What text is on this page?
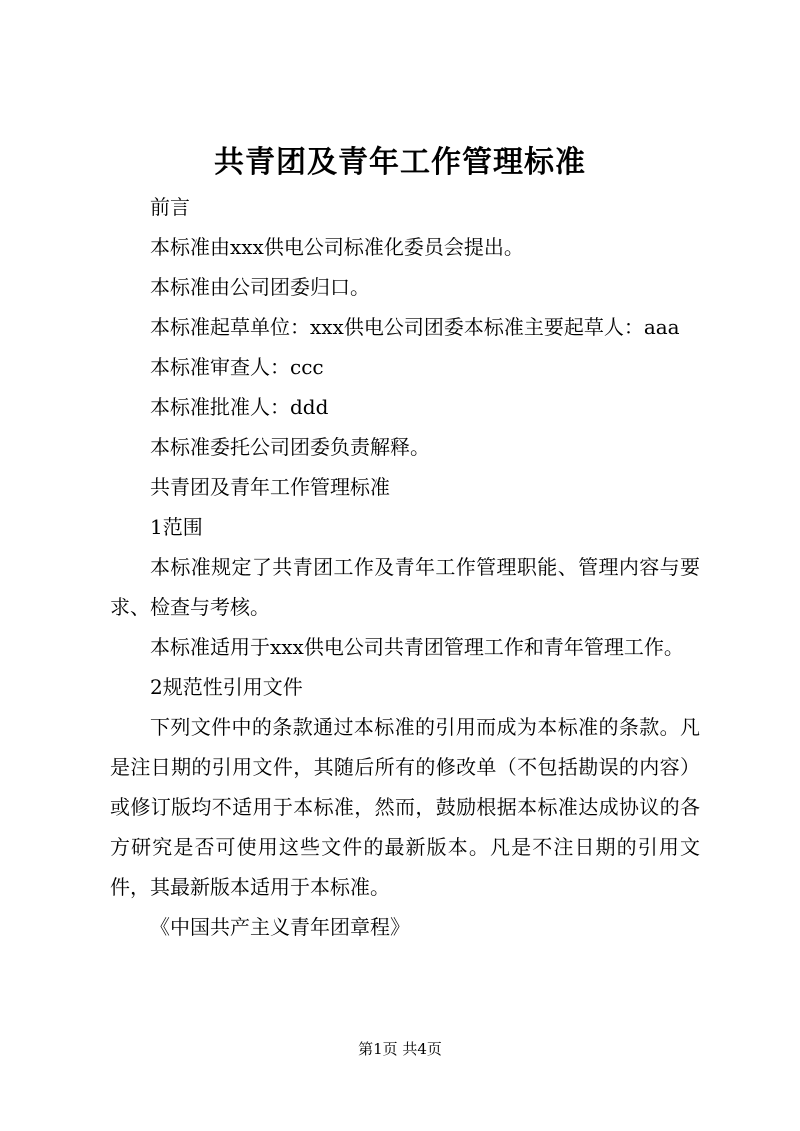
共青团及青年工作管理标准

前言

本标准由xxx供电公司标准化委员会提出。

本标准由公司团委归口。

本标准起草单位：xxx供电公司团委本标准主要起草人：aaa

本标准审查人：ccc

本标准批准人：ddd

本标准委托公司团委负责解释。

共青团及青年工作管理标准

1范围

本标准规定了共青团工作及青年工作管理职能、管理内容与要求、检查与考核。

本标准适用于xxx供电公司共青团管理工作和青年管理工作。

2规范性引用文件

下列文件中的条款通过本标准的引用而成为本标准的条款。凡是注日期的引用文件，其随后所有的修改单（不包括勘误的内容）或修订版均不适用于本标准，然而，鼓励根据本标准达成协议的各方研究是否可使用这些文件的最新版本。凡是不注日期的引用文件，其最新版本适用于本标准。

《中国共产主义青年团章程》

第1页 共4页
